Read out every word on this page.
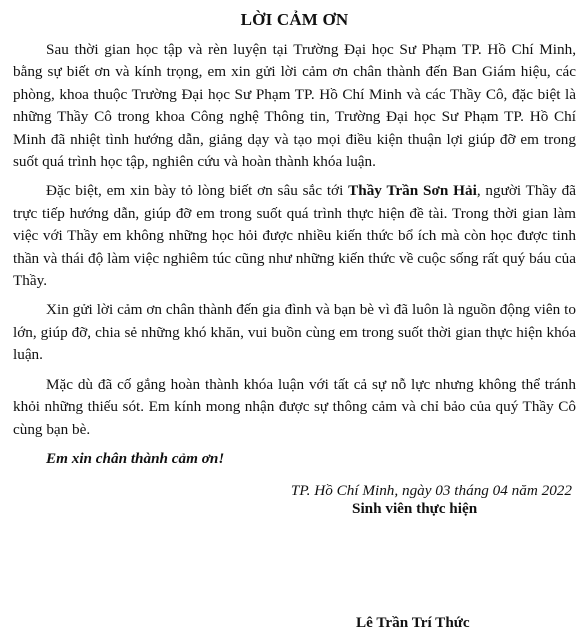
LỜI CẢM ƠN

Sau thời gian học tập và rèn luyện tại Trường Đại học Sư Phạm TP. Hồ Chí Minh, bằng sự biết ơn và kính trọng, em xin gửi lời cảm ơn chân thành đến Ban Giám hiệu, các phòng, khoa thuộc Trường Đại học Sư Phạm TP. Hồ Chí Minh và các Thầy Cô, đặc biệt là những Thầy Cô trong khoa Công nghệ Thông tin, Trường Đại học Sư Phạm TP. Hồ Chí Minh đã nhiệt tình hướng dẫn, giảng dạy và tạo mọi điều kiện thuận lợi giúp đỡ em trong suốt quá trình học tập, nghiên cứu và hoàn thành khóa luận.

Đặc biệt, em xin bày tỏ lòng biết ơn sâu sắc tới Thầy Trần Sơn Hải, người Thầy đã trực tiếp hướng dẫn, giúp đỡ em trong suốt quá trình thực hiện đề tài. Trong thời gian làm việc với Thầy em không những học hỏi được nhiều kiến thức bổ ích mà còn học được tinh thần và thái độ làm việc nghiêm túc cũng như những kiến thức về cuộc sống rất quý báu của Thầy.

Xin gửi lời cảm ơn chân thành đến gia đình và bạn bè vì đã luôn là nguồn động viên to lớn, giúp đỡ, chia sẻ những khó khăn, vui buồn cùng em trong suốt thời gian thực hiện khóa luận.

Mặc dù đã cố gắng hoàn thành khóa luận với tất cả sự nỗ lực nhưng không thể tránh khỏi những thiếu sót. Em kính mong nhận được sự thông cảm và chỉ bảo của quý Thầy Cô cùng bạn bè.

Em xin chân thành cảm ơn!

TP. Hồ Chí Minh, ngày 03 tháng 04 năm 2022

Sinh viên thực hiện
Lê Trần Trí Thức
